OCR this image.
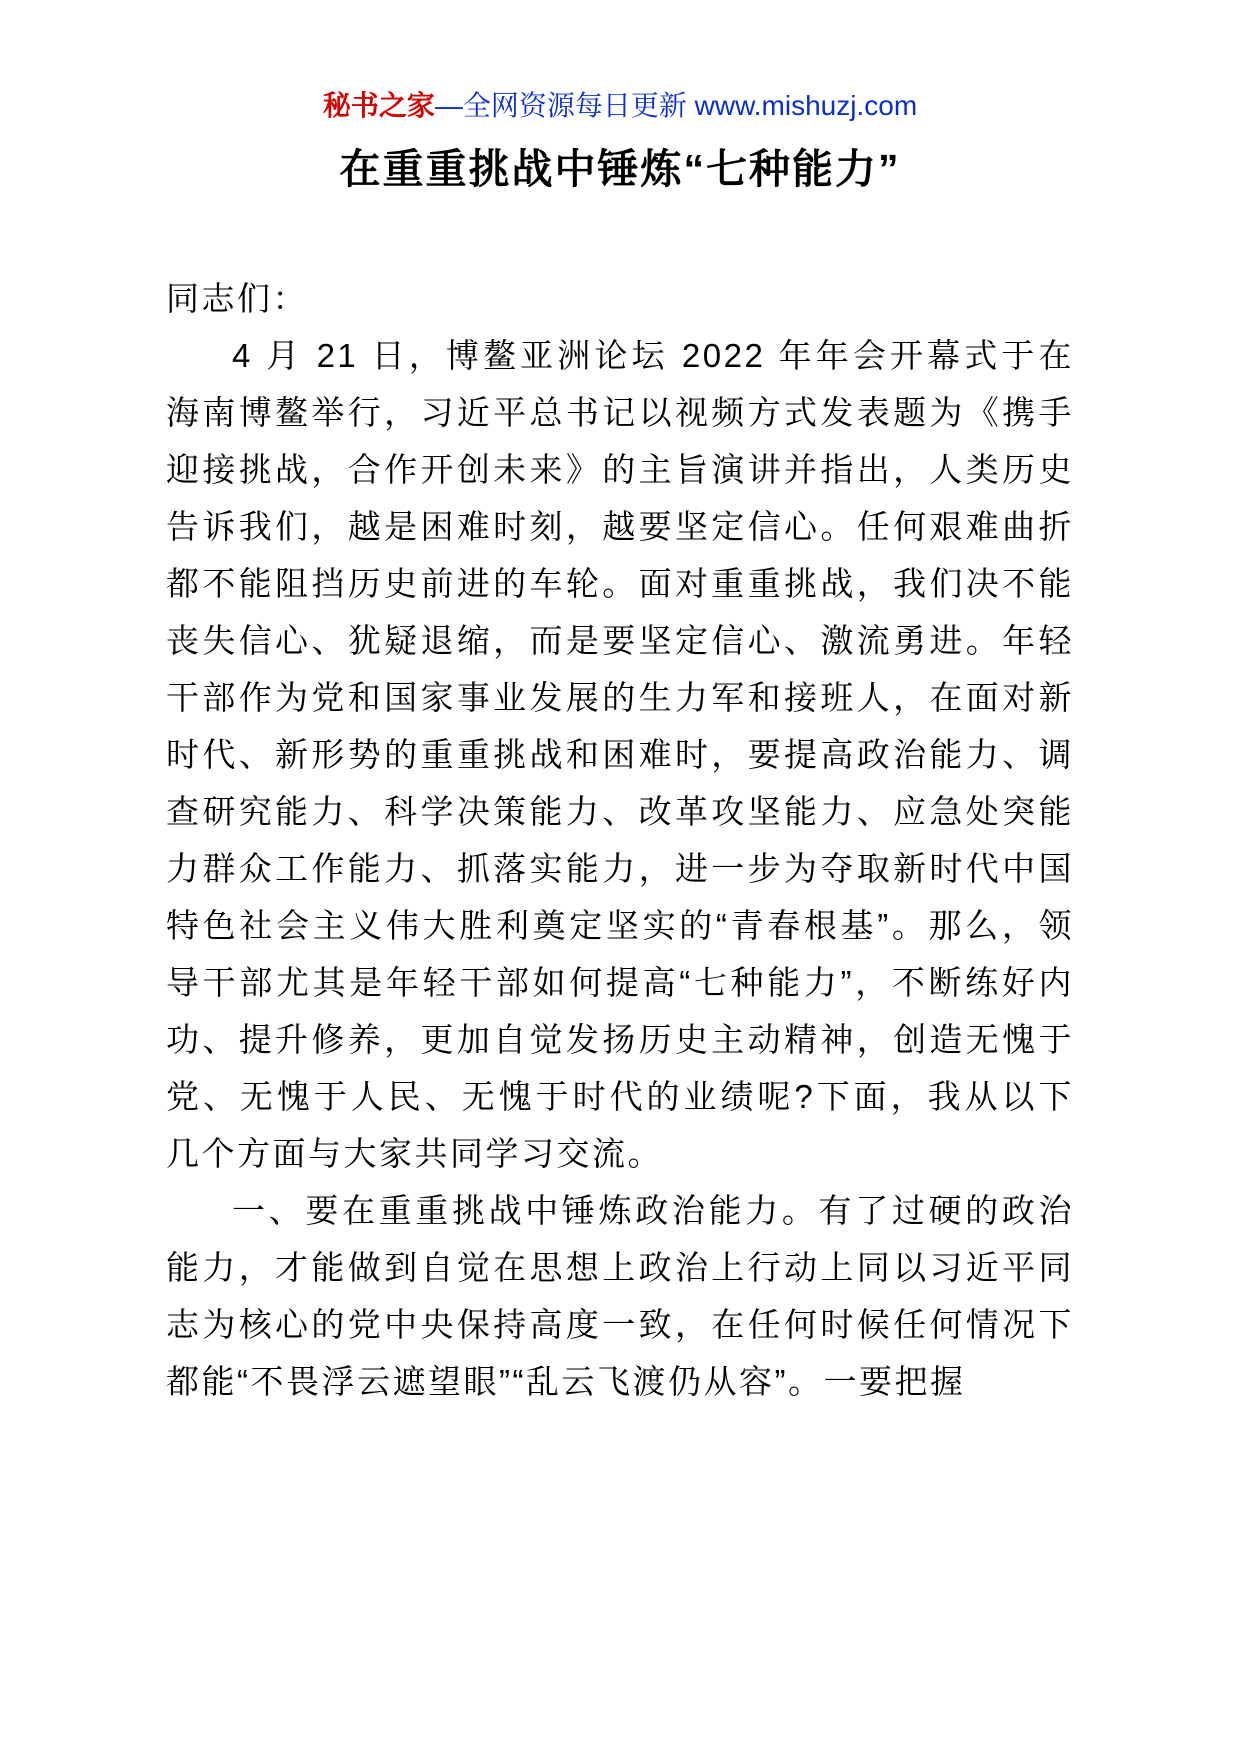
秘书之家—全网资源每日更新 www.mishuzj.com
在重重挑战中锤炼“七种能力”

同志们：

4 月 21 日，博鳌亚洲论坛 2022 年年会开幕式于在海南博鳌举行，习近平总书记以视频方式发表题为《携手迎接挑战，合作开创未来》的主旨演讲并指出，人类历史告诉我们，越是困难时刻，越要坚定信心。任何艰难曲折都不能阻挡历史前进的车轮。面对重重挑战，我们决不能丧失信心、犹疑退缩，而是要坚定信心、激流勇进。年轻干部作为党和国家事业发展的生力军和接班人，在面对新时代、新形势的重重挑战和困难时，要提高政治能力、调查研究能力、科学决策能力、改革攻坚能力、应急处突能力群众工作能力、抓落实能力，进一步为夺取新时代中国特色社会主义伟大胜利奠定坚实的“青春根基”。那么，领导干部尤其是年轻干部如何提高“七种能力”，不断练好内功、提升修养，更加自觉发扬历史主动精神，创造无愧于党、无愧于人民、无愧于时代的业绩呢?下面，我从以下几个方面与大家共同学习交流。

一、要在重重挑战中锤炼政治能力。有了过硬的政治能力，才能做到自觉在思想上政治上行动上同以习近平同志为核心的党中央保持高度一致，在任何时候任何情况下都能“不畏浮云遮望眼”“乱云飞渡仍从容”。一要把握
